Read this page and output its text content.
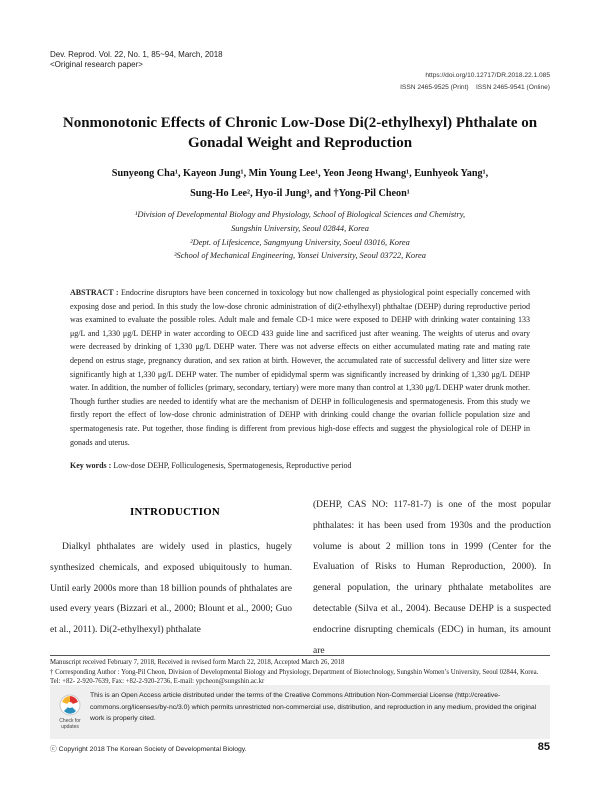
Dev. Reprod. Vol. 22, No. 1, 85~94, March, 2018
<Original research paper>
https://doi.org/10.12717/DR.2018.22.1.085
ISSN 2465-9525 (Print)    ISSN 2465-9541 (Online)
Nonmonotonic Effects of Chronic Low-Dose Di(2-ethylhexyl) Phthalate on
Gonadal Weight and Reproduction
Sunyeong Cha¹, Kayeon Jung¹, Min Young Lee¹, Yeon Jeong Hwang¹, Eunhyeok Yang¹,
Sung-Ho Lee², Hyo-il Jung³, and †Yong-Pil Cheon¹
¹Division of Developmental Biology and Physiology, School of Biological Sciences and Chemistry,
Sungshin University, Seoul 02844, Korea
²Dept. of Lifesicence, Sangmyung University, Soeul 03016, Korea
³School of Mechanical Engineering, Yonsei University, Seoul 03722, Korea
ABSTRACT : Endocrine disruptors have been concerned in toxicology but now challenged as physiological point especially concerned with exposing dose and period. In this study the low-dose chronic administration of di(2-ethylhexyl) phthaltae (DEHP) during reproductive period was examined to evaluate the possible roles. Adult male and female CD-1 mice were exposed to DEHP with drinking water containing 133 μg/L and 1,330 μg/L DEHP in water according to OECD 433 guide line and sacrificed just after weaning. The weights of uterus and ovary were decreased by drinking of 1,330 μg/L DEHP water. There was not adverse effects on either accumulated mating rate and mating rate depend on estrus stage, pregnancy duration, and sex ration at birth. However, the accumulated rate of successful delivery and litter size were significantly high at 1,330 μg/L DEHP water. The number of epididymal sperm was significantly increased by drinking of 1,330 μg/L DEHP water. In addition, the number of follicles (primary, secondary, tertiary) were more many than control at 1,330 μg/L DEHP water drunk mother. Though further studies are needed to identify what are the mechanism of DEHP in folliculogenesis and spermatogenesis. From this study we firstly report the effect of low-dose chronic administration of DEHP with drinking could change the ovarian follicle population size and spermatogenesis rate. Put together, those finding is different from previous high-dose effects and suggest the physiological role of DEHP in gonads and uterus.
Key words : Low-dose DEHP, Folliculogenesis, Spermatogenesis, Reproductive period
INTRODUCTION
Dialkyl phthalates are widely used in plastics, hugely synthesized chemicals, and exposed ubiquitously to human. Until early 2000s more than 18 billion pounds of phthalates are used every years (Bizzari et al., 2000; Blount et al., 2000; Guo et al., 2011). Di(2-ethylhexyl) phthalate
(DEHP, CAS NO: 117-81-7) is one of the most popular phthalates: it has been used from 1930s and the production volume is about 2 million tons in 1999 (Center for the Evaluation of Risks to Human Reproduction, 2000). In general population, the urinary phthalate metabolites are detectable (Silva et al., 2004). Because DEHP is a suspected endocrine disrupting chemicals (EDC) in human, its amount are
Manuscript received February 7, 2018, Received in revised form March 22, 2018, Accepted March 26, 2018
† Corresponding Author : Yong-Pil Cheon, Division of Developmental Biology and Physiology, Department of Biotechnology, Sungshin Women’s University, Seoul 02844, Korea. Tel: +82- 2-920-7639, Fax: +82-2-920-2736, E-mail: ypcheon@sungshin.ac.kr
Check for
updates
This is an Open Access article distributed under the terms of the Creative Commons Attribution Non-Commercial License (http://creative-commons.org/licenses/by-nc/3.0) which permits unrestricted non-commercial use, distribution, and reproduction in any medium, provided the original work is properly cited.
ⓒ Copyright 2018 The Korean Society of Developmental Biology.	85
